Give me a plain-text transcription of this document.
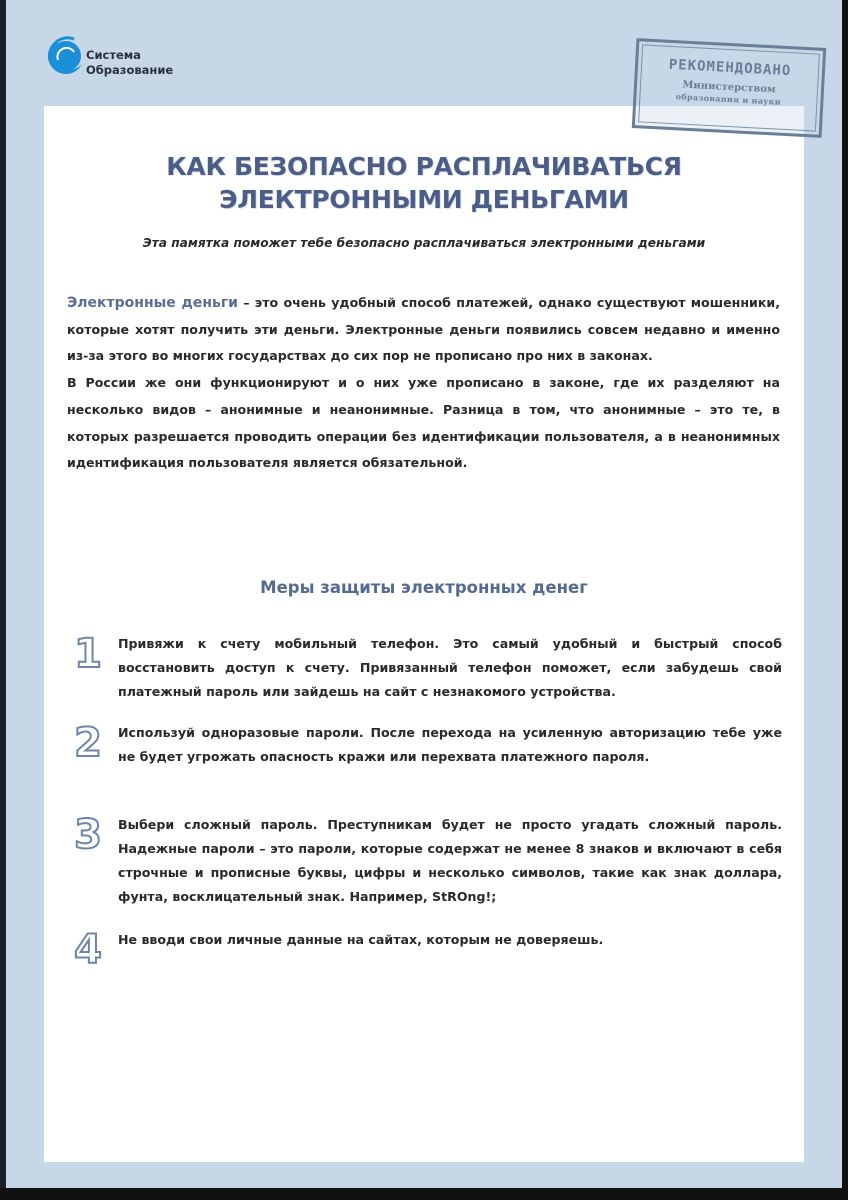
Система
Образование	РЕКОМЕНДОВАНО
Министерством
образования и науки
КАК БЕЗОПАСНО РАСПЛАЧИВАТЬСЯ
ЭЛЕКТРОННЫМИ ДЕНЬГАМИ
Эта памятка поможет тебе безопасно расплачиваться электронными деньгами

Электронные деньги – это очень удобный способ платежей, однако существуют мошенники, которые хотят получить эти деньги. Электронные деньги появились совсем недавно и именно из-за этого во многих государствах до сих пор не прописано про них в законах.

В России же они функционируют и о них уже прописано в законе, где их разделяют на несколько видов – анонимные и неанонимные. Разница в том, что анонимные – это те, в которых разрешается проводить операции без идентификации пользователя, а в неанонимных идентификация пользователя является обязательной.

Меры защиты электронных денег
1	Привяжи к счету мобильный телефон. Это самый удобный и быстрый способ восстановить доступ к счету. Привязанный телефон поможет, если забудешь свой платежный пароль или зайдешь на сайт с незнакомого устройства.
2	Используй одноразовые пароли. После перехода на усиленную авторизацию тебе уже не будет угрожать опасность кражи или перехвата платежного пароля.
3	Выбери сложный пароль. Преступникам будет не просто угадать сложный пароль. Надежные пароли – это пароли, которые содержат не менее 8 знаков и включают в себя строчные и прописные буквы, цифры и несколько символов, такие как знак доллара, фунта, восклицательный знак. Например, StROng!;
4	Не вводи свои личные данные на сайтах, которым не доверяешь.
